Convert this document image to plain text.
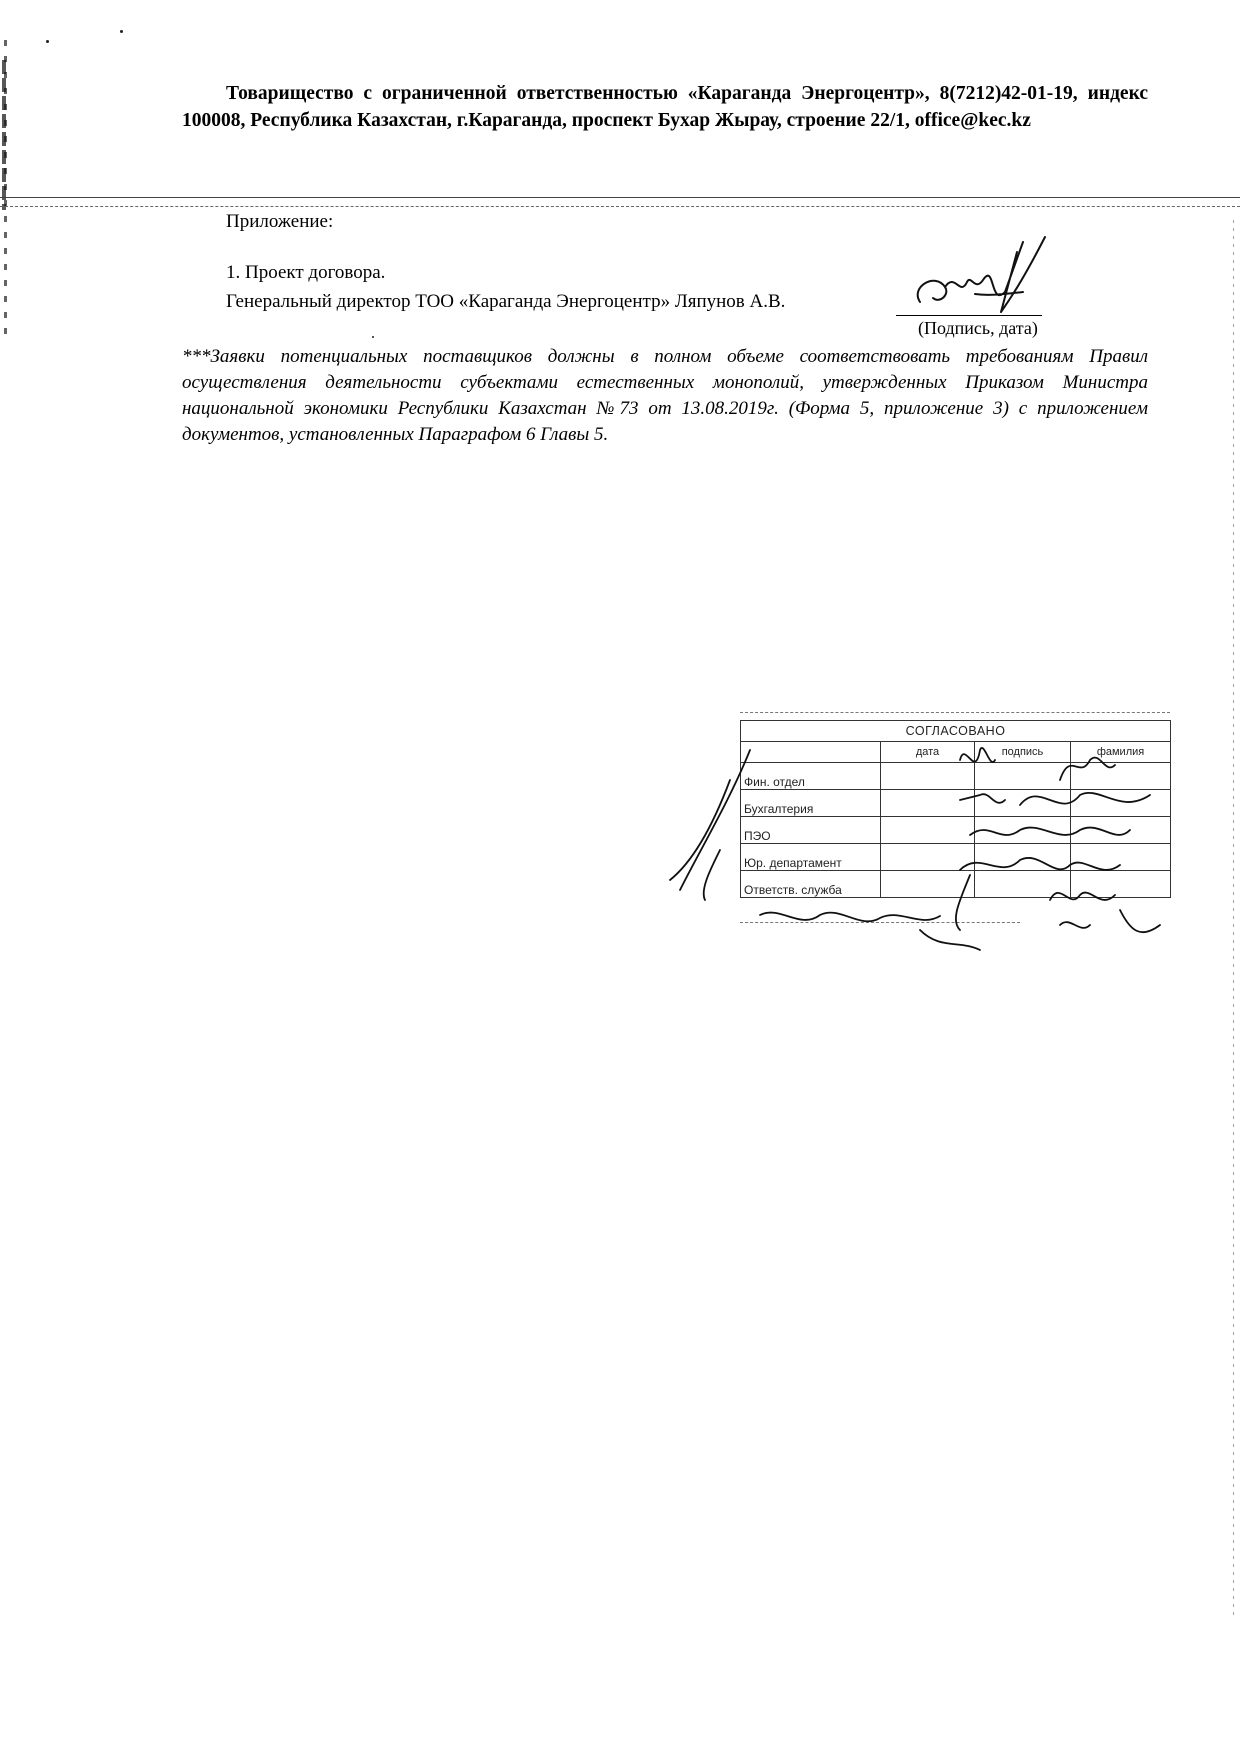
Товарищество с ограниченной ответственностью «Караганда Энергоцентр», 8(7212)42-01-19, индекс 100008, Республика Казахстан, г.Караганда, проспект Бухар Жырау, строение 22/1, office@kec.kz
Приложение:
1. Проект договора.
Генеральный директор ТОО «Караганда Энергоцентр» Ляпунов А.В.
(Подпись, дата)
***Заявки потенциальных поставщиков должны в полном объеме соответствовать требованиям Правил осуществления деятельности субъектами естественных монополий, утвержденных Приказом Министра национальной экономики Республики Казахстан №73 от 13.08.2019г. (Форма 5, приложение 3) с приложением документов, установленных Параграфом 6 Главы 5.
СОГЛАСОВАНО			
	дата	подпись	фамилия
Фин. отдел			
Бухгалтерия			
ПЭО			
Юр. департамент			
Ответств. служба			
